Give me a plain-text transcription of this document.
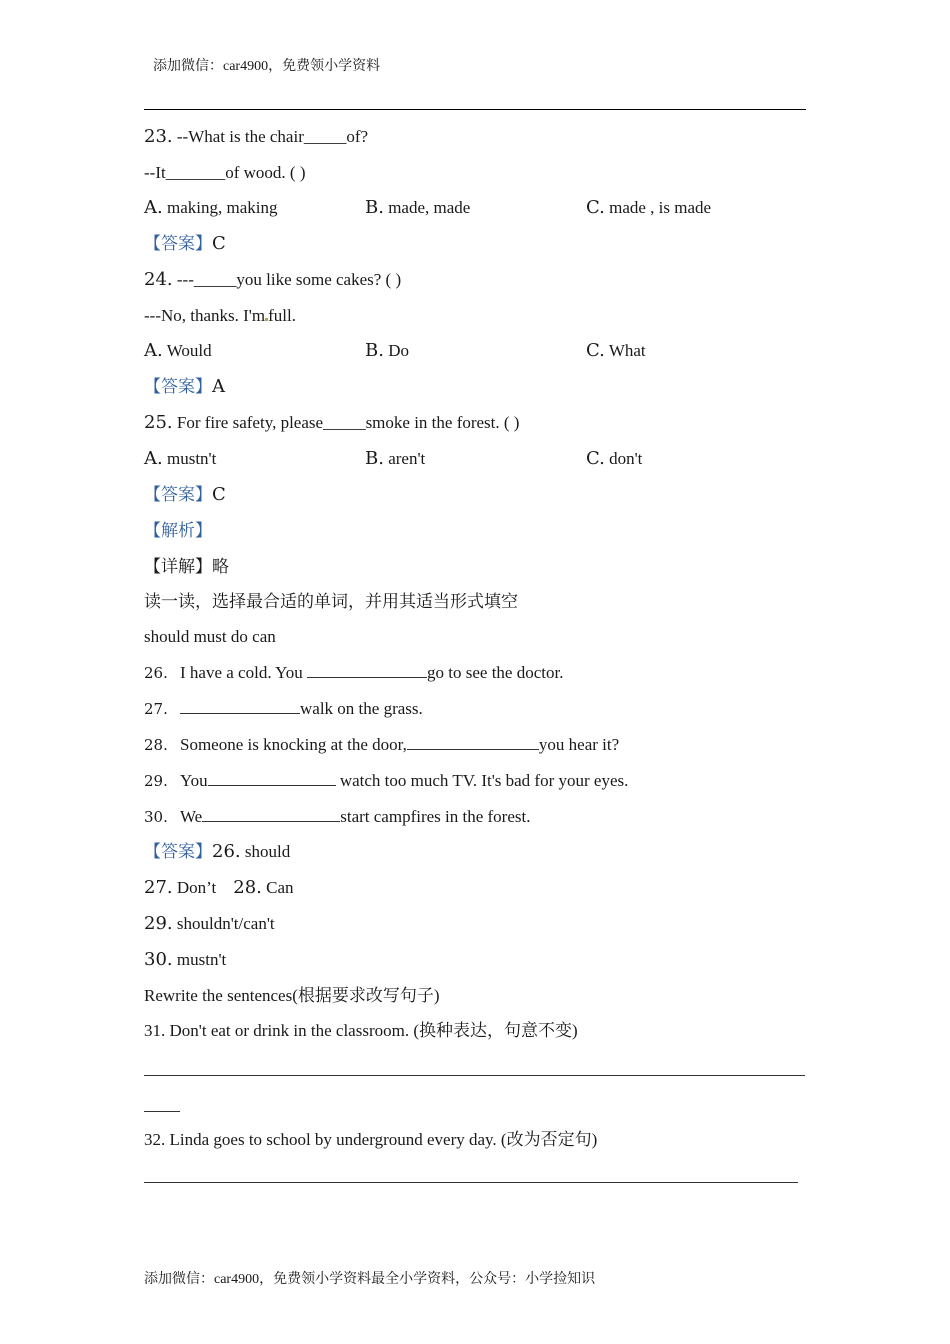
添加微信：car4900，免费领小学资料
23. --What is the chair_____of?
--It_______of wood. ( )
A. making, making	B. made, made	C. made , is made
【答案】C
24. ---_____you like some cakes? ( )
---No, thanks. I'm full.
A. Would	B. Do	C. What
【答案】A
25. For fire safety, please_____smoke in the forest. ( )
A. mustn't	B. aren't	C. don't
【答案】C
【解析】
【详解】略
读一读，选择最合适的单词，并用其适当形式填空
should must do can
26. I have a cold. You	go to see the doctor.
27.	walk on the grass.
28. Someone is knocking at the door,	you hear it?
29. You	watch too much TV. It's bad for your eyes.
30. We	start campfires in the forest.
【答案】26. should
27. Don’t 28. Can
29. shouldn't/can't
30. mustn't
Rewrite the sentences(根据要求改写句子)
31. Don't eat or drink in the classroom. (换种表达，句意不变)
32. Linda goes to school by underground every day. (改为否定句)
添加微信：car4900，免费领小学资料最全小学资料，公众号：小学捡知识
